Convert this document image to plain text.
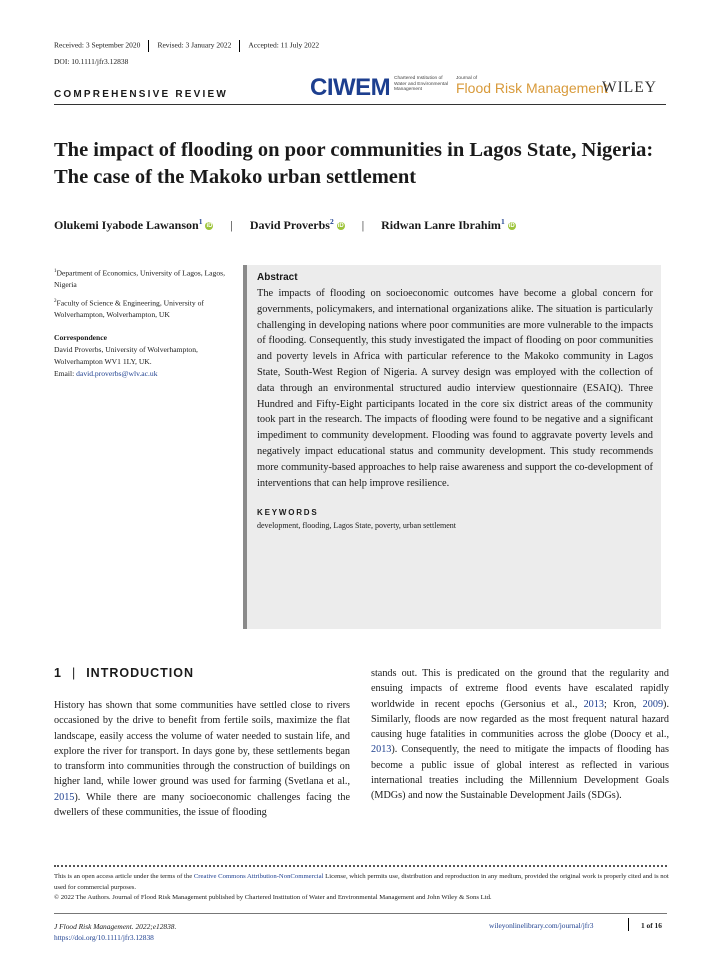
Received: 3 September 2020 Revised: 3 January 2022 Accepted: 11 July 2022
DOI: 10.1111/jfr3.12838
COMPREHENSIVE REVIEW	CIWEM Chartered Institution of Water and Environmental Management
Journal of
Flood Risk Management
WILEY
The impact of flooding on poor communities in Lagos State, Nigeria: The case of the Makoko urban settlement
Olukemi Iyabode Lawanson$^1$ iD | David Proverbs$^2$ iD | Ridwan Lanre Ibrahim$^1$ iD

$^1$Department of Economics, University of Lagos, Lagos, Nigeria

$^2$Faculty of Science & Engineering, University of Wolverhampton, Wolverhampton, UK

Correspondence

David Proverbs, University of Wolverhampton, Wolverhampton WV1 1LY, UK.
Email: david.proverbs@wlv.ac.uk

Abstract

The impacts of flooding on socioeconomic outcomes have become a global concern for governments, policymakers, and international organizations alike. The situation is particularly challenging in developing nations where poor communities are more vulnerable to the impacts of flooding. Consequently, this study investigated the impact of flooding on poor communities and poverty levels in Africa with particular reference to the Makoko community in Lagos State, South-West Region of Nigeria. A survey design was employed with the collection of data through an environmental structured audio interview questionnaire (ESAIQ). Three Hundred and Fifty-Eight participants located in the core six district areas of the community took part in the research. The impacts of flooding were found to be negative and a significant impediment to community development. Flooding was found to aggravate poverty levels and negatively impact educational status and community development. This study recommends more community-based approaches to help raise awareness and support the co-development of interventions that can help improve resilience.

KEYWORDS

development, flooding, Lagos State, poverty, urban settlement

1 | INTRODUCTION

History has shown that some communities have settled close to rivers occasioned by the drive to benefit from fertile soils, maximize the flat landscape, easily access the volume of water needed to sustain life, and explore the river for transport. In days gone by, these settlements began to transform into communities through the construction of buildings on higher land, while lower ground was used for farming (Svetlana et al., 2015). While there are many socioeconomic challenges facing the dwellers of these communities, the issue of flooding

stands out. This is predicated on the ground that the regularity and ensuing impacts of extreme flood events have escalated rapidly worldwide in recent epochs (Gersonius et al., 2013; Kron, 2009). Similarly, floods are now regarded as the most frequent natural hazard causing huge fatalities in communities across the globe (Doocy et al., 2013). Consequently, the need to mitigate the impacts of flooding has become a public issue of global interest as reflected in various international treaties including the Millennium Development Goals (MDGs) and now the Sustainable Development Jails (SDGs).

This is an open access article under the terms of the Creative Commons Attribution-NonCommercial License, which permits use, distribution and reproduction in any medium, provided the original work is properly cited and is not used for commercial purposes.
© 2022 The Authors. Journal of Flood Risk Management published by Chartered Institution of Water and Environmental Management and John Wiley & Sons Ltd.

J Flood Risk Management. 2022;e12838.
https://doi.org/10.1111/jfr3.12838
wileyonlinelibrary.com/journal/jfr3	1 of 16
